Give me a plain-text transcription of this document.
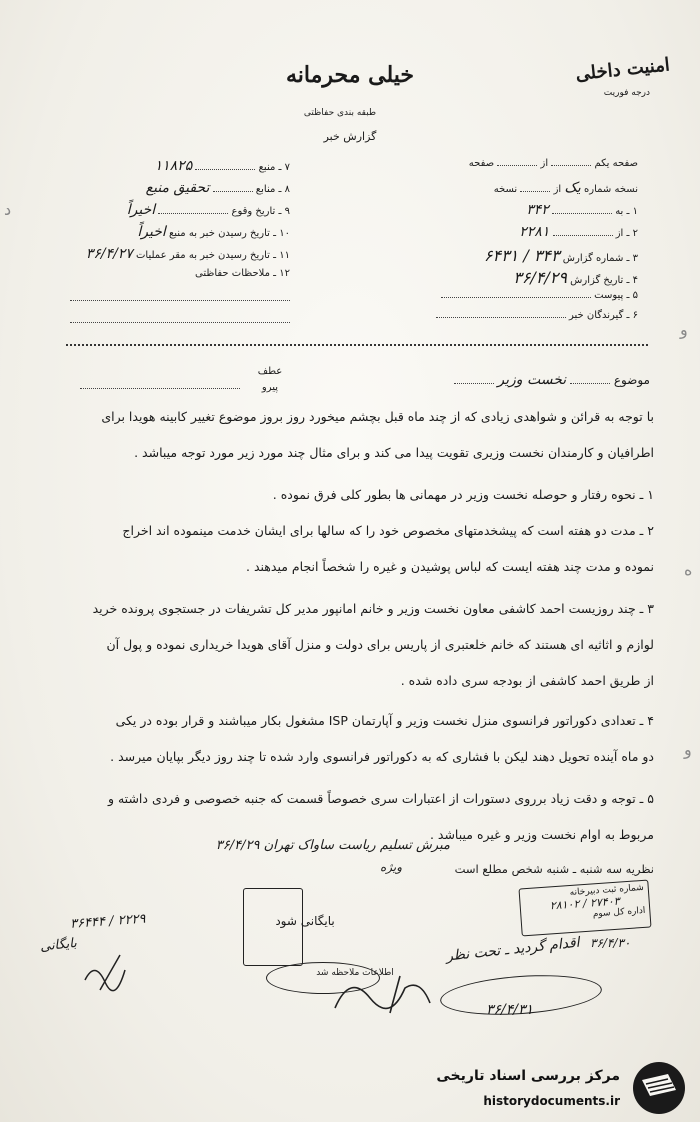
ﺩ
ﻭ
ﻩ
ﻭ
امنیت داخلی
درجه فوریت
خیلی محرمانه
طبقه بندی حفاظتی
گزارش خبر
۷ ـ منبع  ۱۱۸۲۵
۸ ـ منابع  تحقیق منبع
۹ ـ تاریخ وقوع  اخیراً
۱۰ ـ تاریخ رسیدن خبر به منبع اخیراً
۱۱ ـ تاریخ رسیدن خبر به مقر عملیات ۳۶/۴/۲۷
۱۲ ـ ملاحظات حفاظتی
صفحه یکم  از  صفحه
نسخه شماره یک از  نسخه
۱ ـ به  ۳۴۲
۲ ـ از  ۲۲۸۱
۳ ـ شماره گزارش ۳۴۳ / ۶۴۳۱
۴ ـ تاریخ گزارش ۳۶/۴/۲۹
۵ ـ پیوست
۶ ـ گیرندگان خبر
موضوع  نخست وزیر
عطف
پیرو
با توجه به قرائن و شواهدی زیادی که از چند ماه قبل بچشم میخورد روز بروز موضوع تغییر کابینه هویدا برای
اطرافیان و کارمندان نخست وزیری تقویت پیدا می کند و برای مثال چند مورد زیر مورد توجه میباشد .
۱ ـ نحوه رفتار و حوصله نخست وزیر در مهمانی ها بطور کلی فرق نموده .
۲ ـ مدت دو هفته است که پیشخدمتهای مخصوص خود را که سالها برای ایشان خدمت مینموده اند اخراج
نموده و مدت چند هفته ایست که لباس پوشیدن و غیره را شخصاً انجام میدهند .
۳ ـ چند روزیست احمد کاشفی معاون نخست وزیر و خانم امانپور مدیر کل تشریفات در جستجوی پرونده خرید
لوازم و اثاثیه ای هستند که خانم خلعتبری از پاریس برای دولت و منزل آقای هویدا خریداری نموده و پول آن
از طریق احمد کاشفی از بودجه سری داده شده .
۴ ـ تعدادی دکوراتور فرانسوی منزل نخست وزیر و آپارتمان ISP مشغول بکار میباشند و قرار بوده در یکی
دو ماه آینده تحویل دهند لیکن با فشاری که به دکوراتور فرانسوی وارد شده تا چند روز دیگر بپایان میرسد .
۵ ـ توجه و دقت زیاد برروی دستورات از اعتبارات سری خصوصاً قسمت که جنبه خصوصی و فردی داشته و
مربوط به اوام نخست وزیر و غیره میباشد .
مبرش تسلیم ریاست ساواک تهران ۳۶/۴/۲۹
نظریه سه شنبه ـ شنبه شخص مطلع است
ویژه
۳۶۴۴۴ / ۲۲۲۹
بایگانی
بایگانی شود
شماره ثبت دبیرخانه
۲۸۱۰۲ / ۲۷۴۰۳
اداره کل سوم
۳۶/۴/۳۰
اطلاعات ملاحظه شد
اقدام گردید ـ تحت نظر
۳۶/۴/۳۱
مرکز بررسی اسناد تاریخی
historydocuments.ir
